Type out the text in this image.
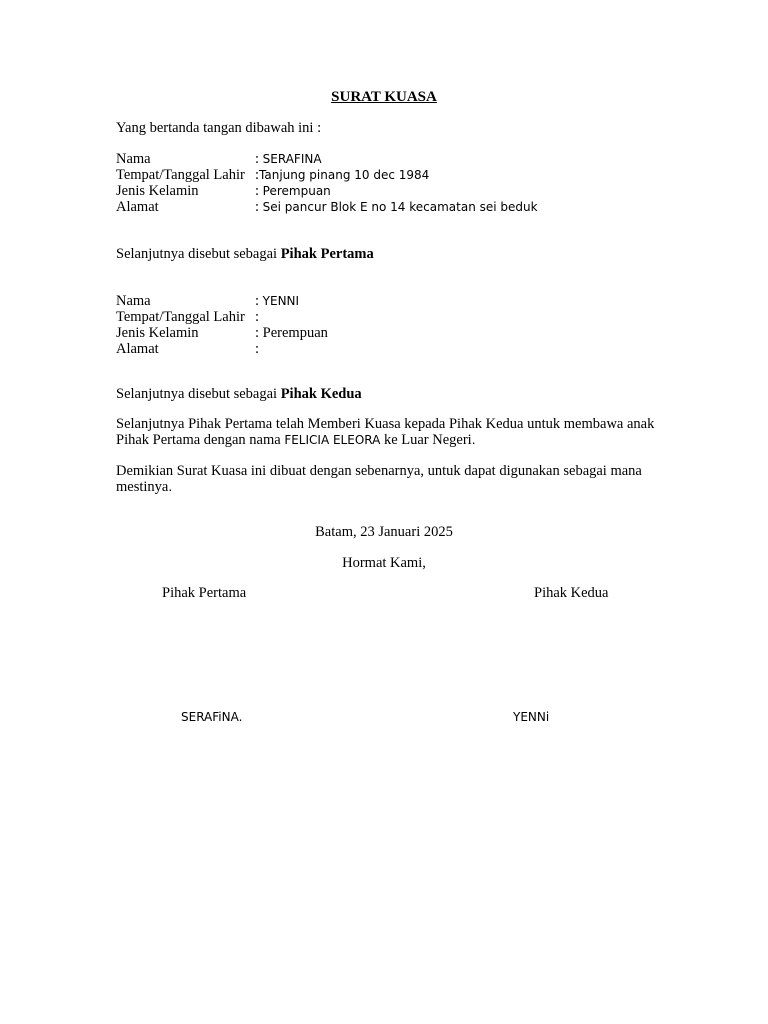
SURAT KUASA
Yang bertanda tangan dibawah ini :
Nama	: SERAFINA
Tempat/Tanggal Lahir :Tanjung pinang 10 dec 1984
Jenis Kelamin	: Perempuan
Alamat	: Sei pancur Blok E no 14 kecamatan sei beduk
Selanjutnya disebut sebagai Pihak Pertama
Nama	: YENNI
Tempat/Tanggal Lahir :
Jenis Kelamin	: Perempuan
Alamat	:
Selanjutnya disebut sebagai Pihak Kedua
Selanjutnya Pihak Pertama telah Memberi Kuasa kepada Pihak Kedua untuk membawa anak
Pihak Pertama dengan nama FELICIA ELEORA ke Luar Negeri.
Demikian Surat Kuasa ini dibuat dengan sebenarnya, untuk dapat digunakan sebagai mana
mestinya.
Batam, 23 Januari 2025
Hormat Kami,
Pihak Pertama	Pihak Kedua
SERAFiNA.	YENNi
